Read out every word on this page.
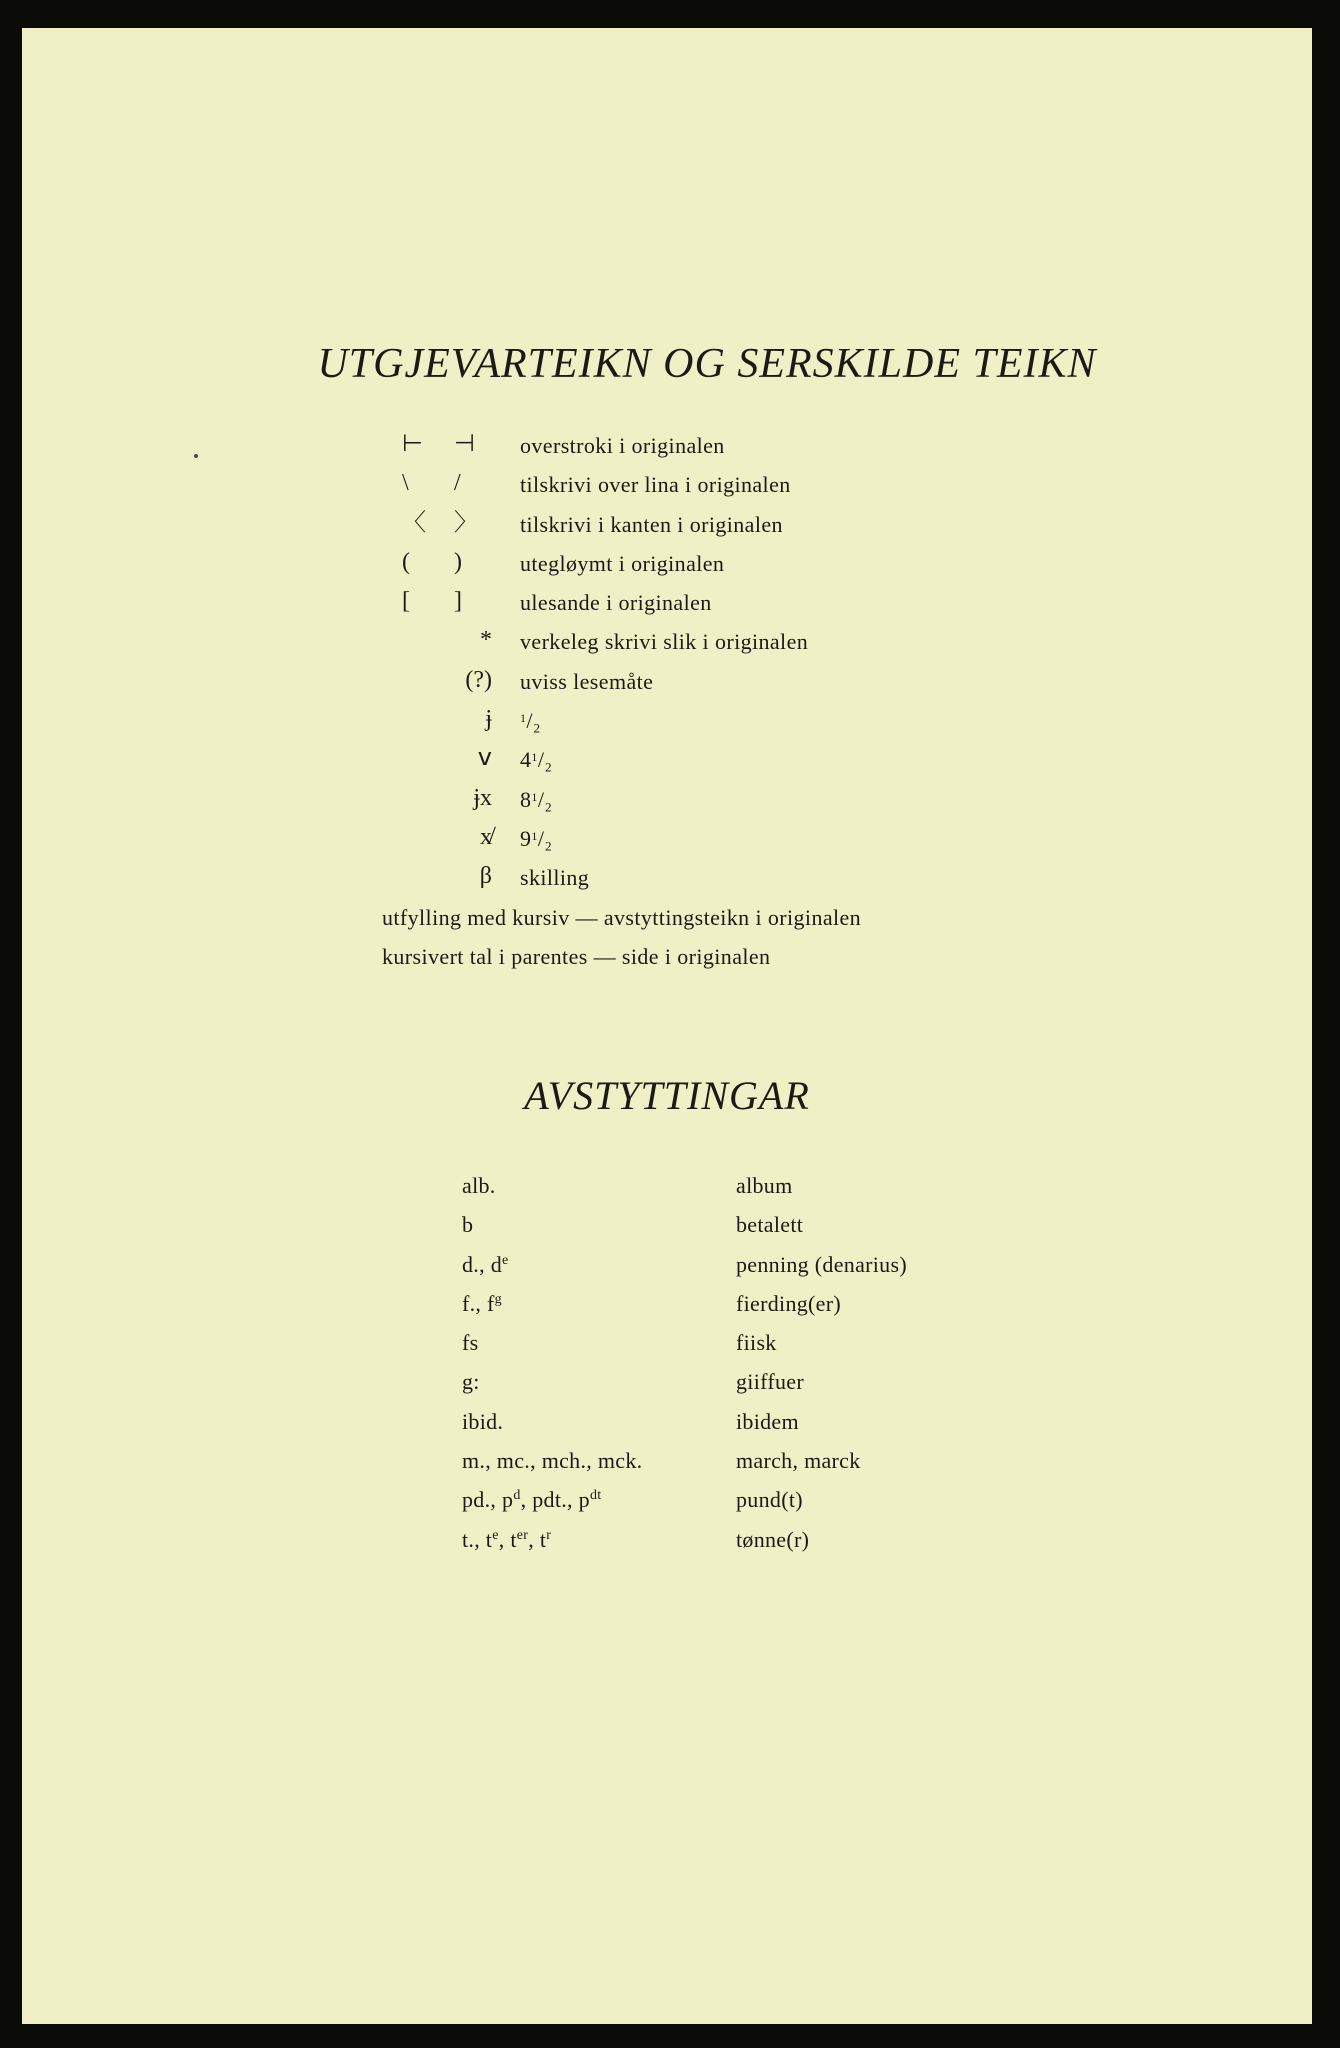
UTGJEVARTEIKN OG SERSKILDE TEIKN
⊢ ⊣ overstroki i originalen
\ /	tilskrivi over lina i originalen
〈 〉 tilskrivi i kanten i originalen
( )	utegløymt i originalen
[ ]	ulesande i originalen
* verkeleg skrivi slik i originalen
(?) uviss lesemåte
ɉ $^1$/₂
ⅴ $4^1/_2$
ɉx $8^1/_2$
x̸ $9^1/_2$
β skilling
utfylling med kursiv — avstyttingsteikn i originalen
kursivert tal i parentes — side i originalen
AVSTYTTINGAR
alb.	album
b	betalett
d., $d^e$	penning (denarius)
f., $f^g$	fierding(er)
fs	fiisk
g:	giiffuer
ibid.	ibidem
m., mc., mch., mck.	march, marck
pd., $p^d$, pdt., $p^{dt}$	pund(t)
t., $t^e$, $t^{er}$, $t^r$	tønne(r)
